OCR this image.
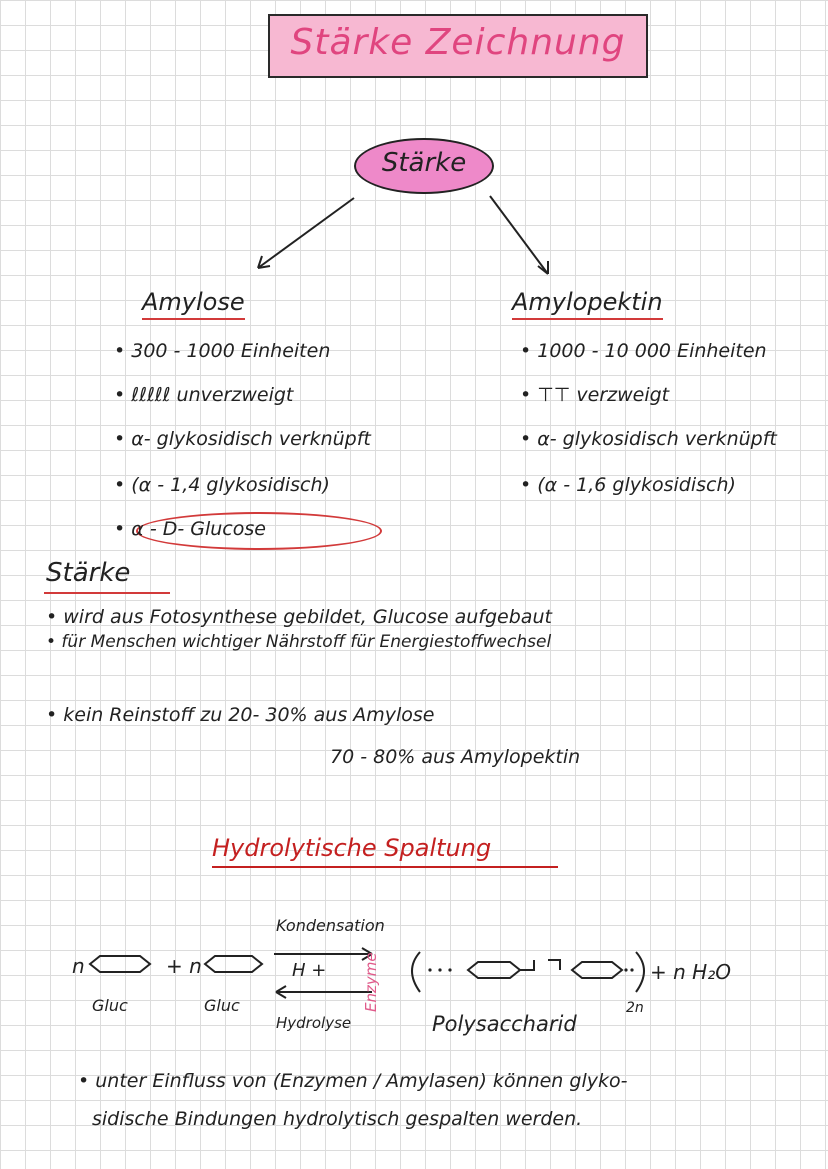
Stärke Zeichnung
Stärke
Amylose
• 300 - 1000 Einheiten
• ℓℓℓℓℓ unverzweigt
• α- glykosidisch verknüpft
• (α - 1,4 glykosidisch)
• α - D- Glucose
Amylopektin
• 1000 - 10 000 Einheiten
• ⊤⊤ verzweigt
• α- glykosidisch verknüpft
• (α - 1,6 glykosidisch)
Stärke
• wird aus Fotosynthese gebildet, Glucose aufgebaut
• für Menschen wichtiger Nährstoff für Energiestoffwechsel
• kein Reinstoff zu 20- 30% aus Amylose
70 - 80% aus Amylopektin
Hydrolytische Spaltung
Kondensation
n	+ n	H + Enzyme	+ n H₂O
2n
Gluc	Gluc
Hydrolyse	Polysaccharid
• unter Einfluss von (Enzymen / Amylasen) können glyko-
sidische Bindungen hydrolytisch gespalten werden.
